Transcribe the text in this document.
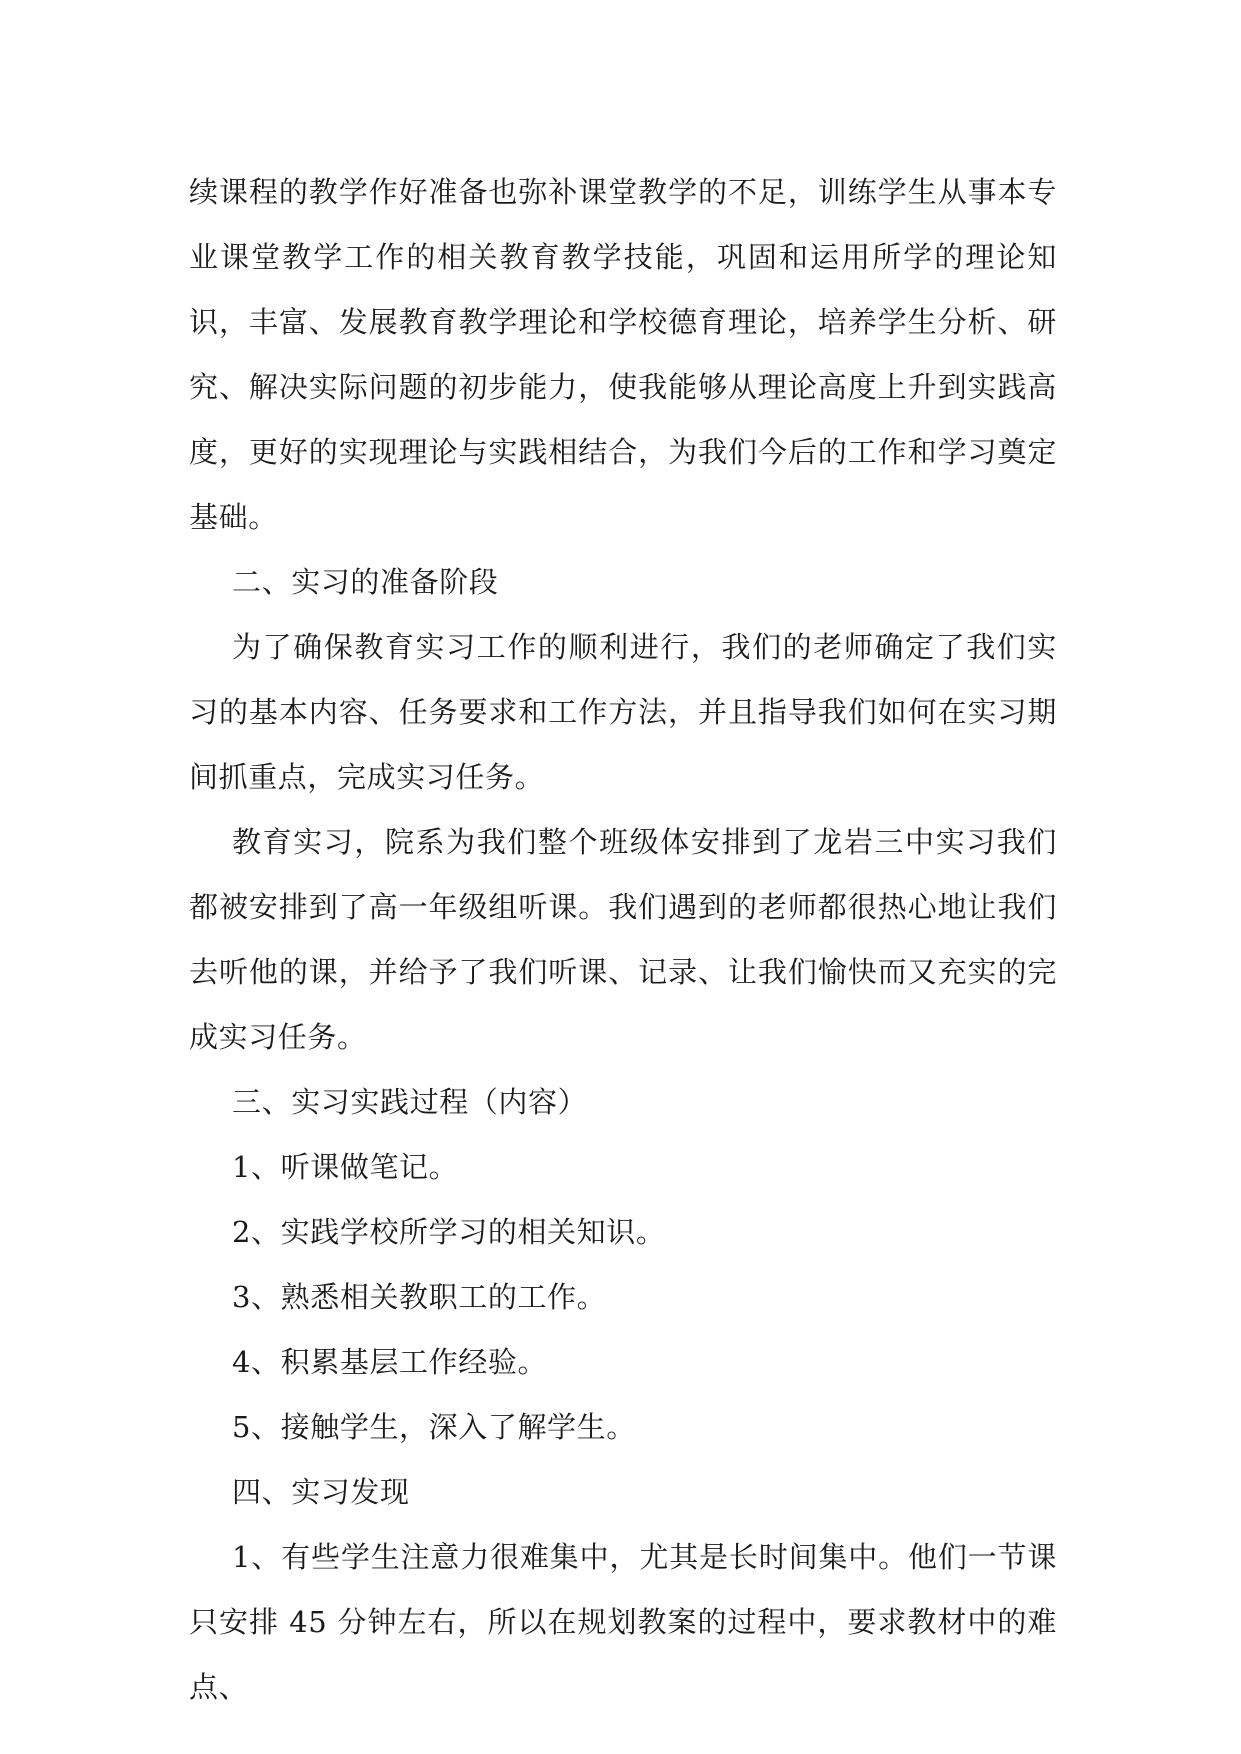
续课程的教学作好准备也弥补课堂教学的不足，训练学生从事本专业课堂教学工作的相关教育教学技能，巩固和运用所学的理论知识，丰富、发展教育教学理论和学校德育理论，培养学生分析、研究、解决实际问题的初步能力，使我能够从理论高度上升到实践高度，更好的实现理论与实践相结合，为我们今后的工作和学习奠定基础。

二、实习的准备阶段

为了确保教育实习工作的顺利进行，我们的老师确定了我们实习的基本内容、任务要求和工作方法，并且指导我们如何在实习期间抓重点，完成实习任务。

教育实习，院系为我们整个班级体安排到了龙岩三中实习我们都被安排到了高一年级组听课。我们遇到的老师都很热心地让我们去听他的课，并给予了我们听课、记录、让我们愉快而又充实的完成实习任务。

三、实习实践过程（内容）

1、听课做笔记。

2、实践学校所学习的相关知识。

3、熟悉相关教职工的工作。

4、积累基层工作经验。

5、接触学生，深入了解学生。

四、实习发现

1、有些学生注意力很难集中，尤其是长时间集中。他们一节课只安排 45 分钟左右，所以在规划教案的过程中，要求教材中的难点、
